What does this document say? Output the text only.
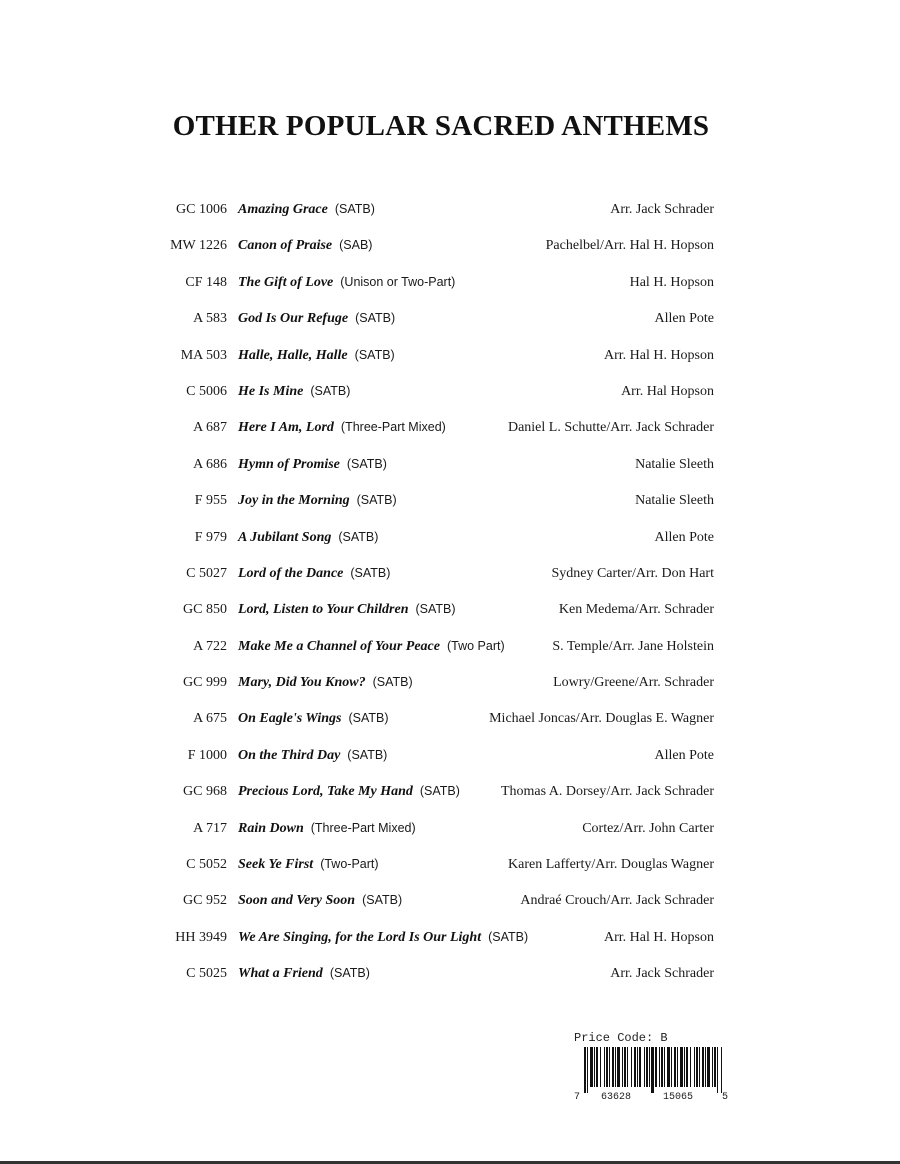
OTHER POPULAR SACRED ANTHEMS
GC 1006 Amazing Grace (SATB)	Arr. Jack Schrader
MW 1226 Canon of Praise (SAB)	Pachelbel/Arr. Hal H. Hopson
CF 148 The Gift of Love (Unison or Two-Part)	Hal H. Hopson
A 583 God Is Our Refuge (SATB)	Allen Pote
MA 503 Halle, Halle, Halle (SATB)	Arr. Hal H. Hopson
C 5006 He Is Mine (SATB)	Arr. Hal Hopson
A 687 Here I Am, Lord (Three-Part Mixed)	Daniel L. Schutte/Arr. Jack Schrader
A 686 Hymn of Promise (SATB)	Natalie Sleeth
F 955 Joy in the Morning (SATB)	Natalie Sleeth
F 979 A Jubilant Song (SATB)	Allen Pote
C 5027 Lord of the Dance (SATB)	Sydney Carter/Arr. Don Hart
GC 850 Lord, Listen to Your Children (SATB)	Ken Medema/Arr. Schrader
A 722 Make Me a Channel of Your Peace (Two Part)	S. Temple/Arr. Jane Holstein
GC 999 Mary, Did You Know? (SATB)	Lowry/Greene/Arr. Schrader
A 675 On Eagle's Wings (SATB)	Michael Joncas/Arr. Douglas E. Wagner
F 1000 On the Third Day (SATB)	Allen Pote
GC 968 Precious Lord, Take My Hand (SATB)	Thomas A. Dorsey/Arr. Jack Schrader
A 717 Rain Down (Three-Part Mixed)	Cortez/Arr. John Carter
C 5052 Seek Ye First (Two-Part)	Karen Lafferty/Arr. Douglas Wagner
GC 952 Soon and Very Soon (SATB)	Andraé Crouch/Arr. Jack Schrader
HH 3949 We Are Singing, for the Lord Is Our Light (SATB)	Arr. Hal H. Hopson
C 5025 What a Friend (SATB)	Arr. Jack Schrader
Price Code: B
7 63628	15065	5
